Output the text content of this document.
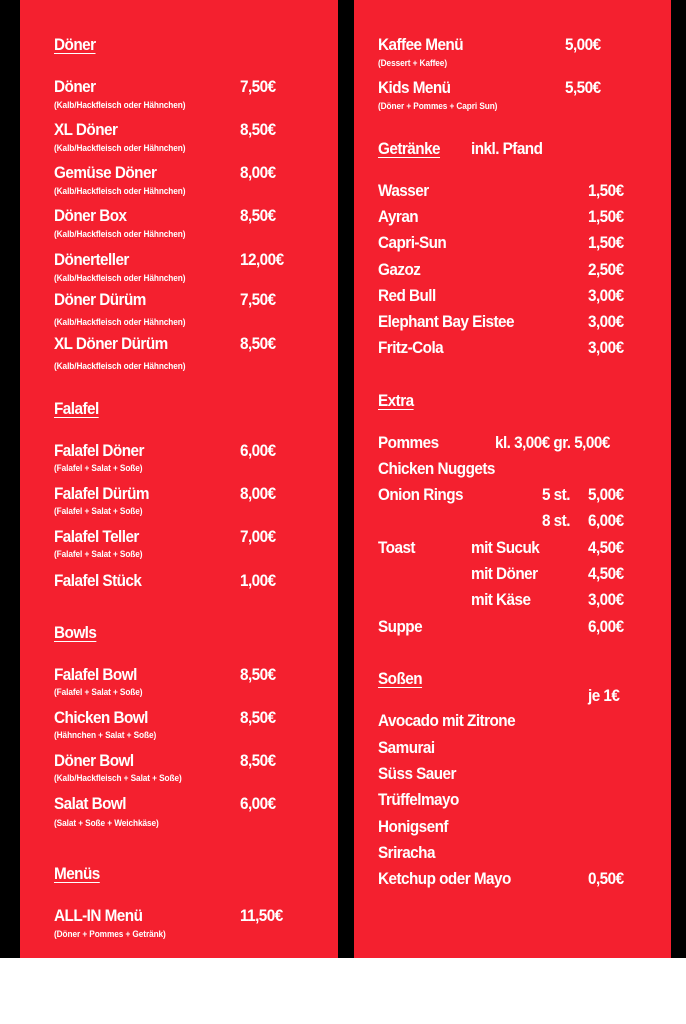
Döner
Döner	7,50€
(Kalb/Hackfleisch oder Hähnchen)
XL Döner	8,50€
(Kalb/Hackfleisch oder Hähnchen)
Gemüse Döner	8,00€
(Kalb/Hackfleisch oder Hähnchen)
Döner Box	8,50€
(Kalb/Hackfleisch oder Hähnchen)
Dönerteller	12,00€
(Kalb/Hackfleisch oder Hähnchen)
Döner Dürüm	7,50€
(Kalb/Hackfleisch oder Hähnchen)
XL Döner Dürüm	8,50€
(Kalb/Hackfleisch oder Hähnchen)
Falafel
Falafel Döner	6,00€
(Falafel + Salat + Soße)
Falafel Dürüm	8,00€
(Falafel + Salat + Soße)
Falafel Teller	7,00€
(Falafel + Salat + Soße)
Falafel Stück	1,00€
Bowls
Falafel Bowl	8,50€
(Falafel + Salat + Soße)
Chicken Bowl	8,50€
(Hähnchen + Salat + Soße)
Döner Bowl	8,50€
(Kalb/Hackfleisch + Salat + Soße)
Salat Bowl	6,00€
(Salat + Soße + Weichkäse)
Menüs
ALL-IN Menü	11,50€
(Döner + Pommes + Getränk)
Kaffee Menü	5,00€
(Dessert + Kaffee)
Kids Menü	5,50€
(Döner + Pommes + Capri Sun)
Getränke inkl. Pfand
Wasser	1,50€
Ayran	1,50€
Capri-Sun	1,50€
Gazoz	2,50€
Red Bull	3,00€
Elephant Bay Eistee	3,00€
Fritz-Cola	3,00€
Extra
Pommes	kl. 3,00€ gr. 5,00€
Chicken Nuggets
Onion Rings	5 st. 5,00€
8 st. 6,00€
Toast	mit Sucuk	4,50€
mit Döner	4,50€
mit Käse	3,00€
Suppe	6,00€
Soßen
je 1€
Avocado mit Zitrone
Samurai
Süss Sauer
Trüffelmayo
Honigsenf
Sriracha
Ketchup oder Mayo	0,50€
